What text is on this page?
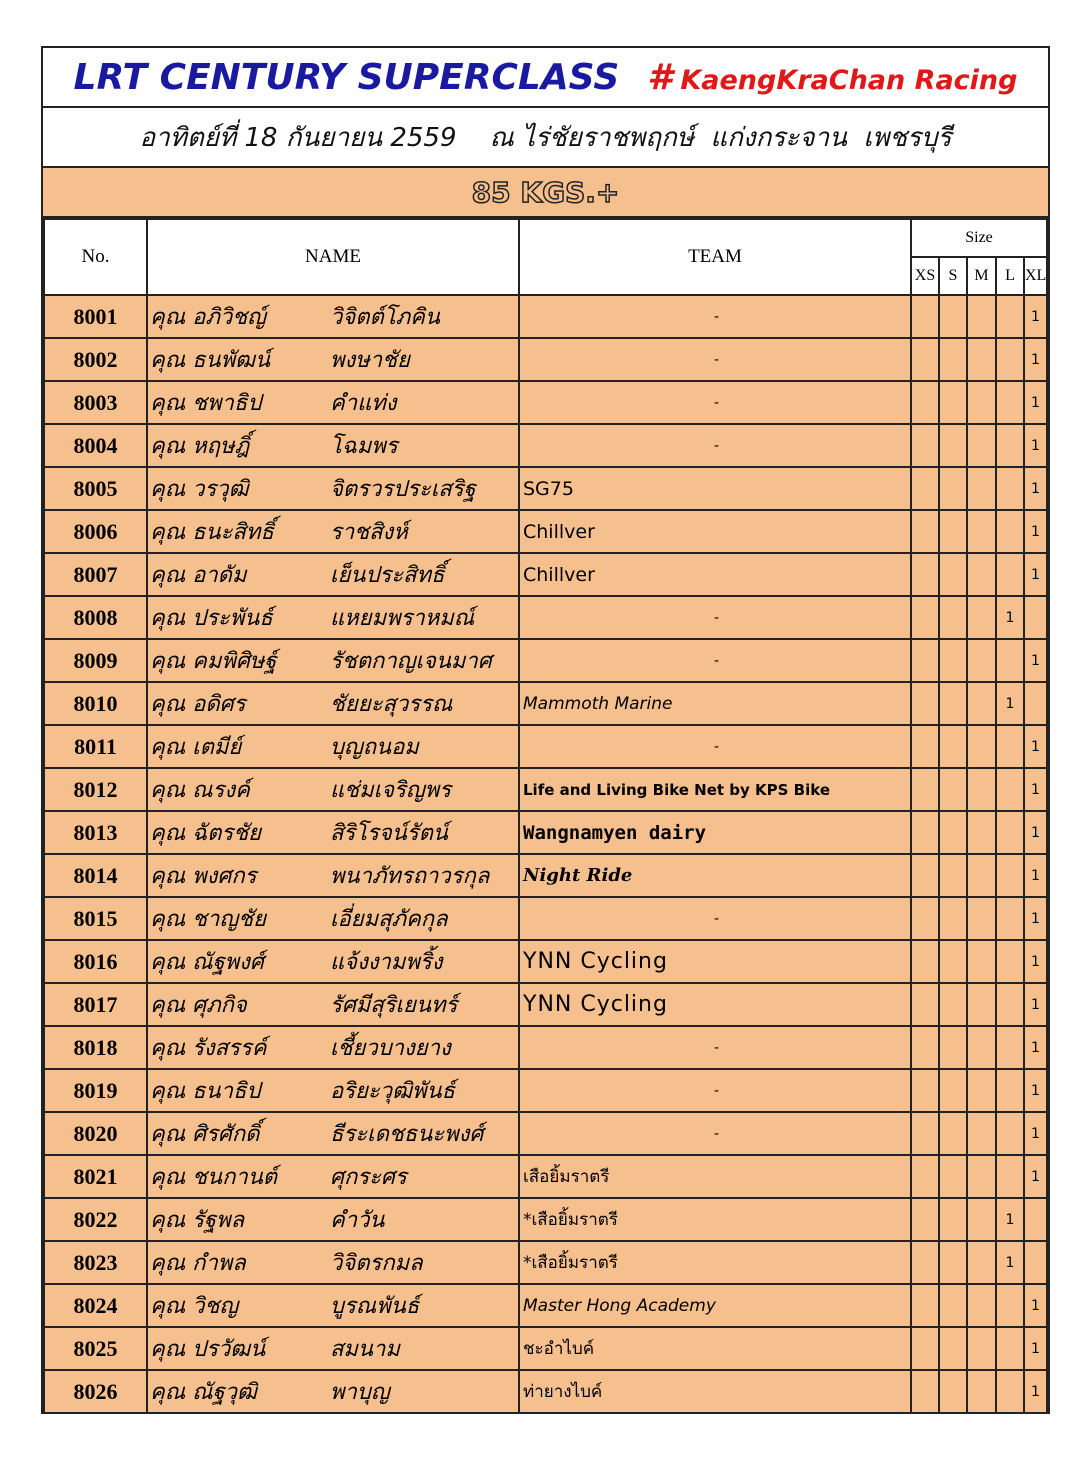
LRT CENTURY SUPERCLASS # KaengKraChan Racing
อาทิตย์ที่ 18 กันยายน 2559    ณ ไร่ชัยราชพฤกษ์  แก่งกระจาน  เพชรบุรี
85 KGS.+
No.	NAME	TEAM	Size				
			XS	S	M	L	XL
8001	คุณ อภิวิชญ์ วิจิตต์โภคิน	-					1
8002	คุณ ธนพัฒน์ พงษาชัย	-					1
8003	คุณ ชพาธิป คำแท่ง	-					1
8004	คุณ หฤษฎิ์ โฉมพร	-					1
8005	คุณ วรวุฒิ จิตรวรประเสริฐ	SG75					1
8006	คุณ ธนะสิทธิ์ ราชสิงห์	Chillver					1
8007	คุณ อาดัม เย็นประสิทธิ์	Chillver					1
8008	คุณ ประพันธ์ แหยมพราหมณ์	-				1	
8009	คุณ คมพิศิษฐ์ รัชตกาญเจนมาศ	-					1
8010	คุณ อดิศร ชัยยะสุวรรณ	Mammoth Marine				1	
8011	คุณ เตมีย์ บุญถนอม	-					1
8012	คุณ ณรงค์ แช่มเจริญพร	Life and Living Bike Net by KPS Bike					1
8013	คุณ ฉัตรชัย สิริโรจน์รัตน์	Wangnamyen dairy					1
8014	คุณ พงศกร พนาภัทรถาวรกุล	Night Ride					1
8015	คุณ ชาญชัย เอี่ยมสุภัคกุล	-					1
8016	คุณ ณัฐพงศ์ แจ้งงามพริ้ง	YNN Cycling					1
8017	คุณ ศุภกิจ รัศมีสุริเยนทร์	YNN Cycling					1
8018	คุณ รังสรรค์ เชี้ยวบางยาง	-					1
8019	คุณ ธนาธิป อริยะวุฒิพันธ์	-					1
8020	คุณ ศิรศักดิ์ ธีระเดชธนะพงศ์	-					1
8021	คุณ ชนกานต์ ศุกระศร	เสือยิ้มราตรี					1
8022	คุณ รัฐพล คำวัน	*เสือยิ้มราตรี				1	
8023	คุณ กำพล วิจิตรกมล	*เสือยิ้มราตรี				1	
8024	คุณ วิชญ บูรณพันธ์	Master Hong Academy					1
8025	คุณ ปรวัฒน์ สมนาม	ชะอำไบค์					1
8026	คุณ ณัฐวุฒิ พาบุญ	ท่ายางไบค์					1
